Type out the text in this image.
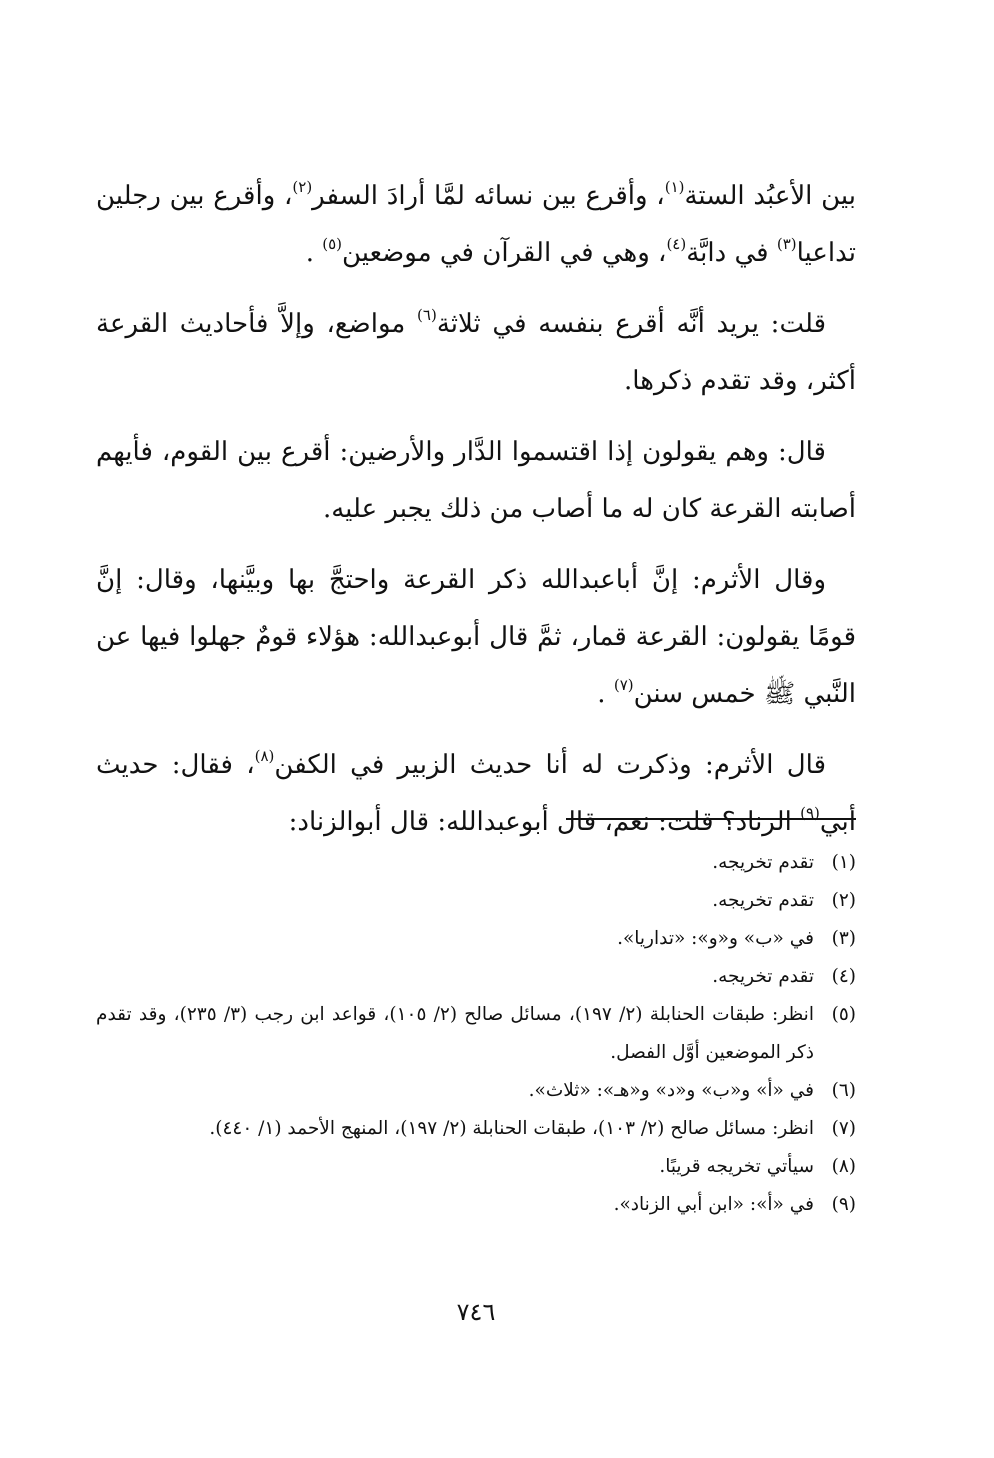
بين الأعبُد الستة$^{(١)}$، وأقرع بين نسائه لمَّا أرادَ السفر$^{(٢)}$، وأقرع بين رجلين تداعيا$^{(٣)}$ في دابَّة$^{(٤)}$، وهي في القرآن في موضعين$^{(٥)}$ .

قلت: يريد أنَّه أقرع بنفسه في ثلاثة$^{(٦)}$ مواضع، وإلاَّ فأحاديث القرعة أكثر، وقد تقدم ذكرها.

قال: وهم يقولون إذا اقتسموا الدَّار والأرضين: أقرع بين القوم، فأيهم أصابته القرعة كان له ما أصاب من ذلك يجبر عليه.

وقال الأثرم: إنَّ أباعبدالله ذكر القرعة واحتجَّ بها وبيَّنها، وقال: إنَّ قومًا يقولون: القرعة قمار، ثمَّ قال أبوعبدالله: هؤلاء قومٌ جهلوا فيها عن النَّبي ﷺ خمس سنن$^{(٧)}$ .

قال الأثرم: وذكرت له أنا حديث الزبير في الكفن$^{(٨)}$، فقال: حديث أبي$^{(٩)}$ الزناد؟ قلت: نعم، قال أبوعبدالله: قال أبوالزناد:

(١)
تقدم تخريجه.
(٢)
تقدم تخريجه.
(٣)
في «ب» و«و»: «تداريا».
(٤)
تقدم تخريجه.
(٥)
انظر: طبقات الحنابلة (٢/ ١٩٧)، مسائل صالح (٢/ ١٠٥)، قواعد ابن رجب (٣/ ٢٣٥)، وقد تقدم ذكر الموضعين أوَّل الفصل.
(٦)
في «أ» و«ب» و«د» و«هـ»: «ثلاث».
(٧)
انظر: مسائل صالح (٢/ ١٠٣)، طبقات الحنابلة (٢/ ١٩٧)، المنهج الأحمد (١/ ٤٤٠).
(٨)
سيأتي تخريجه قريبًا.
(٩)
في «أ»: «ابن أبي الزناد».
٧٤٦
